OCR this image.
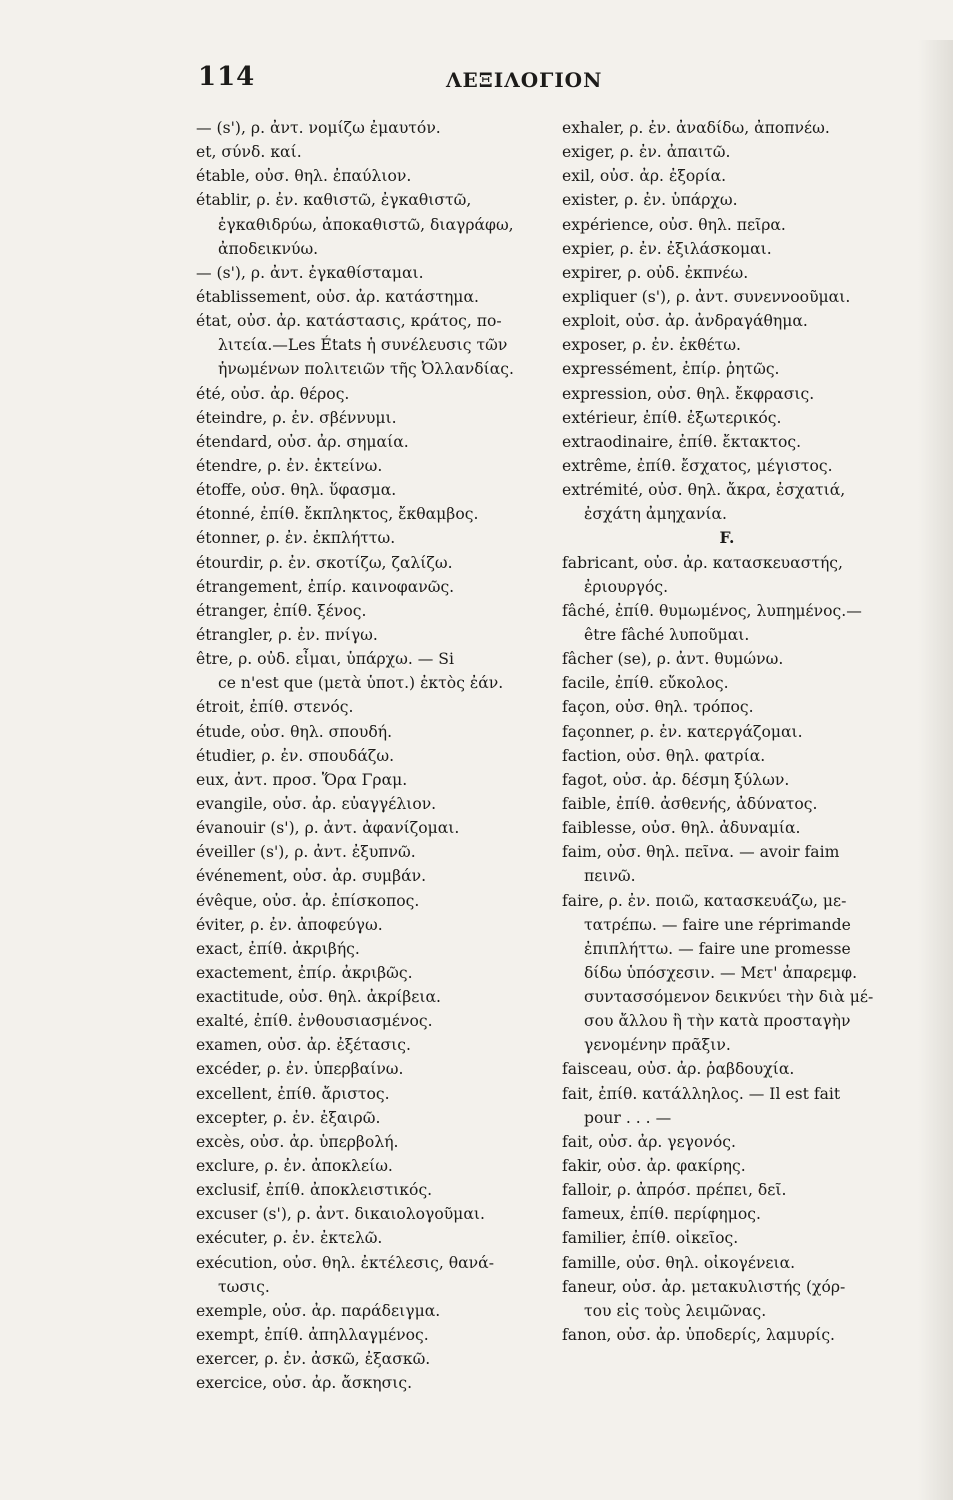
114	ΛΕΞΙΛΟΓΙΟΝ
— (s'), ρ. ἀντ. νομίζω ἐμαυτόν.
et, σύνδ. καί.
étable, οὐσ. θηλ. ἐπαύλιον.
établir, ρ. ἐν. καθιστῶ, ἐγκαθιστῶ,
ἐγκαθιδρύω, ἀποκαθιστῶ, διαγράφω,
ἀποδεικνύω.
— (s'), ρ. ἀντ. ἐγκαθίσταμαι.
établissement, οὐσ. ἀρ. κατάστημα.
état, οὐσ. ἀρ. κατάστασις, κράτος, πο-
λιτεία.—Les États ἡ συνέλευσις τῶν
ἡνωμένων πολιτειῶν τῆς Ὀλλανδίας.
été, οὐσ. ἀρ. θέρος.
éteindre, ρ. ἐν. σβέννυμι.
étendard, οὐσ. ἀρ. σημαία.
étendre, ρ. ἐν. ἐκτείνω.
étoffe, οὐσ. θηλ. ὕφασμα.
étonné, ἐπίθ. ἔκπληκτος, ἔκθαμβος.
étonner, ρ. ἐν. ἐκπλήττω.
étourdir, ρ. ἐν. σκοτίζω, ζαλίζω.
étrangement, ἐπίρ. καινοφανῶς.
étranger, ἐπίθ. ξένος.
étrangler, ρ. ἐν. πνίγω.
être, ρ. οὐδ. εἶμαι, ὑπάρχω. — Si
ce n'est que (μετὰ ὑποτ.) ἐκτὸς ἐάν.
étroit, ἐπίθ. στενός.
étude, οὐσ. θηλ. σπουδή.
étudier, ρ. ἐν. σπουδάζω.
eux, ἀντ. προσ. Ὅρα Γραμ.
evangile, οὐσ. ἀρ. εὐαγγέλιον.
évanouir (s'), ρ. ἀντ. ἀφανίζομαι.
éveiller (s'), ρ. ἀντ. ἐξυπνῶ.
événement, οὐσ. ἀρ. συμβάν.
évêque, οὐσ. ἀρ. ἐπίσκοπος.
éviter, ρ. ἐν. ἀποφεύγω.
exact, ἐπίθ. ἀκριβής.
exactement, ἐπίρ. ἀκριβῶς.
exactitude, οὐσ. θηλ. ἀκρίβεια.
exalté, ἐπίθ. ἐνθουσιασμένος.
examen, οὐσ. ἀρ. ἐξέτασις.
excéder, ρ. ἐν. ὑπερβαίνω.
excellent, ἐπίθ. ἄριστος.
excepter, ρ. ἐν. ἐξαιρῶ.
excès, οὐσ. ἀρ. ὑπερβολή.
exclure, ρ. ἐν. ἀποκλείω.
exclusif, ἐπίθ. ἀποκλειστικός.
excuser (s'), ρ. ἀντ. δικαιολογοῦμαι.
exécuter, ρ. ἐν. ἐκτελῶ.
exécution, οὐσ. θηλ. ἐκτέλεσις, θανά-
τωσις.
exemple, οὐσ. ἀρ. παράδειγμα.
exempt, ἐπίθ. ἀπηλλαγμένος.
exercer, ρ. ἐν. ἀσκῶ, ἐξασκῶ.
exercice, οὐσ. ἀρ. ἄσκησις.
exhaler, ρ. ἐν. ἀναδίδω, ἀποπνέω.
exiger, ρ. ἐν. ἀπαιτῶ.
exil, οὐσ. ἀρ. ἐξορία.
exister, ρ. ἐν. ὑπάρχω.
expérience, οὐσ. θηλ. πεῖρα.
expier, ρ. ἐν. ἐξιλάσκομαι.
expirer, ρ. οὐδ. ἐκπνέω.
expliquer (s'), ρ. ἀντ. συνεννοοῦμαι.
exploit, οὐσ. ἀρ. ἀνδραγάθημα.
exposer, ρ. ἐν. ἐκθέτω.
expressément, ἐπίρ. ῥητῶς.
expression, οὐσ. θηλ. ἔκφρασις.
extérieur, ἐπίθ. ἐξωτερικός.
extraodinaire, ἐπίθ. ἔκτακτος.
extrême, ἐπίθ. ἔσχατος, μέγιστος.
extrémité, οὐσ. θηλ. ἄκρα, ἐσχατιά,
ἐσχάτη ἀμηχανία.
F.
fabricant, οὐσ. ἀρ. κατασκευαστής,
ἐριουργός.
fâché, ἐπίθ. θυμωμένος, λυπημένος.—
être fâché λυποῦμαι.
fâcher (se), ρ. ἀντ. θυμώνω.
facile, ἐπίθ. εὔκολος.
façon, οὐσ. θηλ. τρόπος.
façonner, ρ. ἐν. κατεργάζομαι.
faction, οὐσ. θηλ. φατρία.
fagot, οὐσ. ἀρ. δέσμη ξύλων.
faible, ἐπίθ. ἀσθενής, ἀδύνατος.
faiblesse, οὐσ. θηλ. ἀδυναμία.
faim, οὐσ. θηλ. πεῖνα. — avoir faim
πεινῶ.
faire, ρ. ἐν. ποιῶ, κατασκευάζω, με-
τατρέπω. — faire une réprimande
ἐπιπλήττω. — faire une promesse
δίδω ὑπόσχεσιν. — Μετ' ἀπαρεμφ.
συντασσόμενον δεικνύει τὴν διὰ μέ-
σου ἄλλου ἢ τὴν κατὰ προσταγὴν
γενομένην πρᾶξιν.
faisceau, οὐσ. ἀρ. ῥαβδουχία.
fait, ἐπίθ. κατάλληλος. — Il est fait
pour . . . —
fait, οὐσ. ἀρ. γεγονός.
fakir, οὐσ. ἀρ. φακίρης.
falloir, ρ. ἀπρόσ. πρέπει, δεῖ.
fameux, ἐπίθ. περίφημος.
familier, ἐπίθ. οἰκεῖος.
famille, οὐσ. θηλ. οἰκογένεια.
faneur, οὐσ. ἀρ. μετακυλιστής (χόρ-
του εἰς τοὺς λειμῶνας.
fanon, οὐσ. ἀρ. ὑποδερίς, λαμυρίς.
